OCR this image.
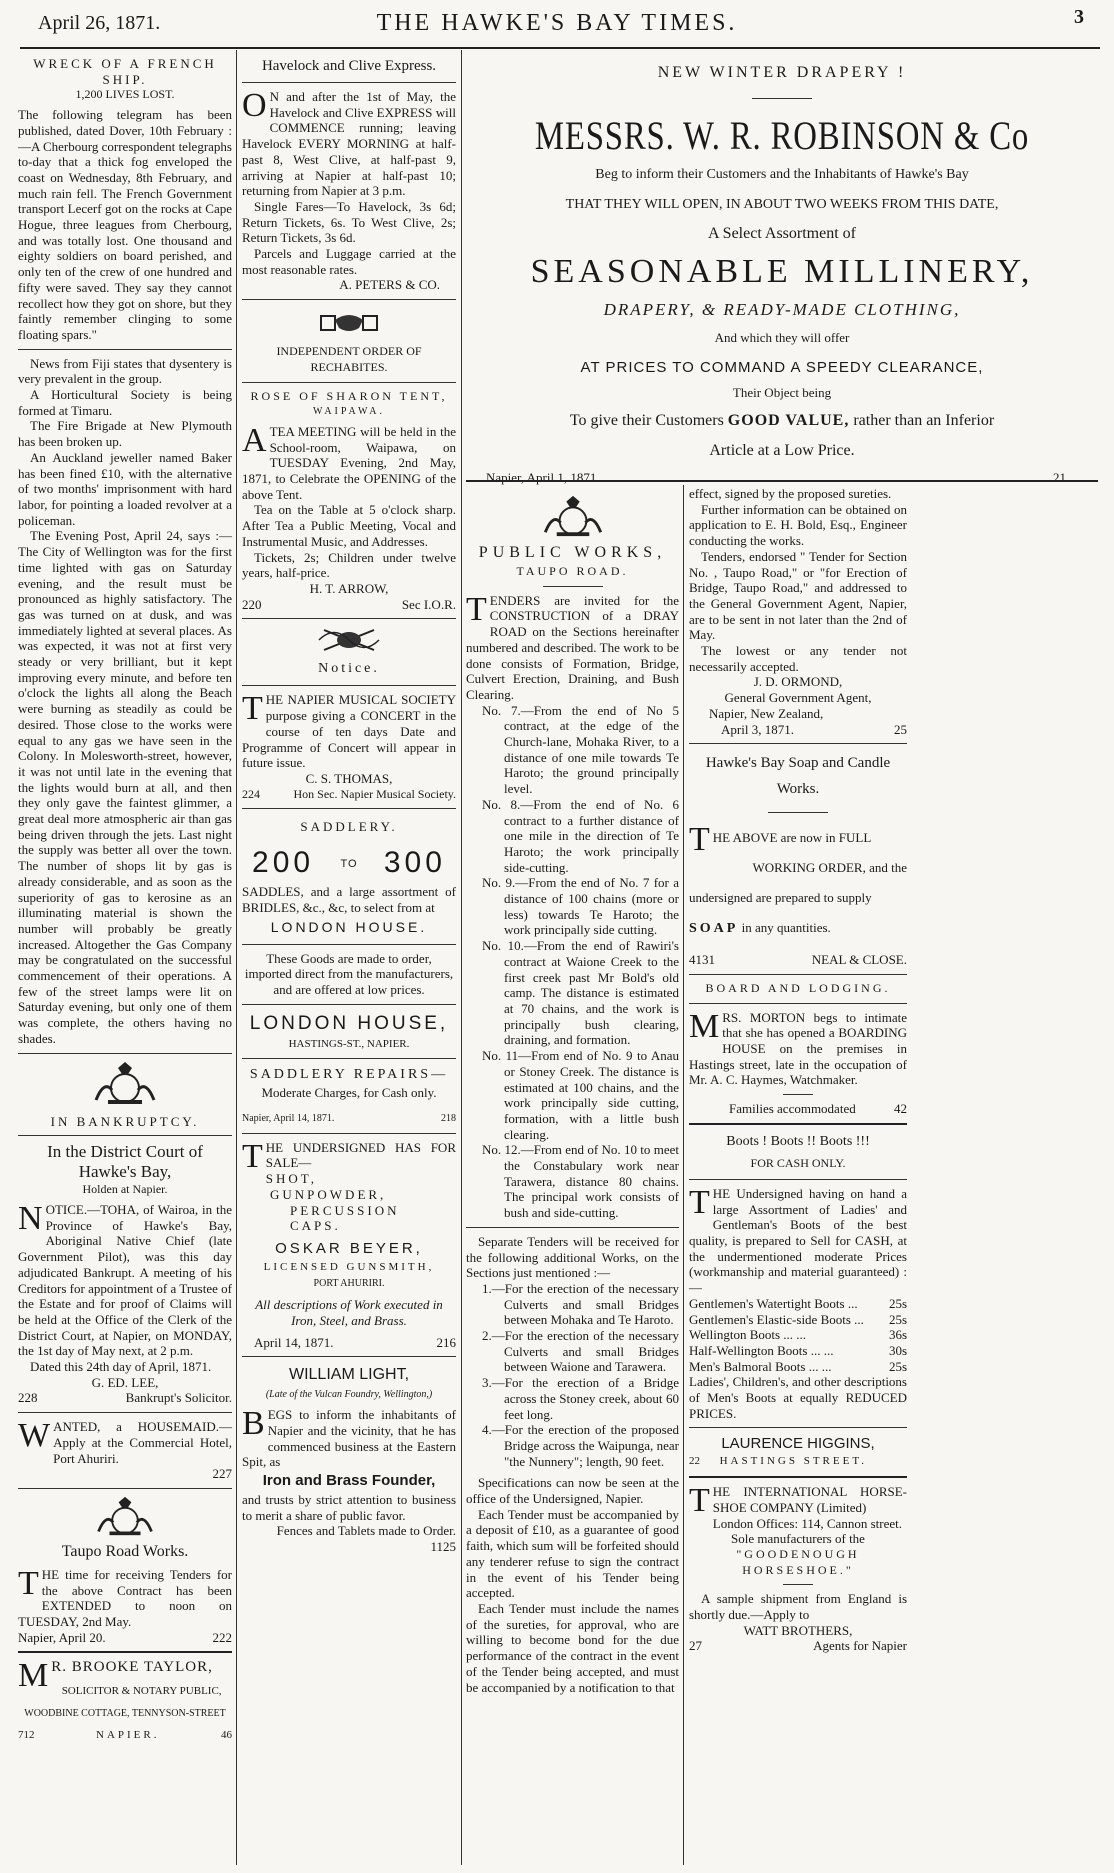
April 26, 1871.	THE HAWKE'S BAY TIMES.	3

WRECK OF A FRENCH SHIP.

1,200 LIVES LOST.

The following telegram has been published, dated Dover, 10th February :—A Cherbourg correspondent telegraphs to-day that a thick fog enveloped the coast on Wednesday, 8th February, and much rain fell. The French Government transport Lecerf got on the rocks at Cape Hogue, three leagues from Cherbourg, and was totally lost. One thousand and eighty soldiers on board perished, and only ten of the crew of one hundred and fifty were saved. They say they cannot recollect how they got on shore, but they faintly remember clinging to some floating spars."

News from Fiji states that dysentery is very prevalent in the group.

A Horticultural Society is being formed at Timaru.

The Fire Brigade at New Plymouth has been broken up.

An Auckland jeweller named Baker has been fined £10, with the alternative of two months' imprisonment with hard labor, for pointing a loaded revolver at a policeman.

The Evening Post, April 24, says :—The City of Wellington was for the first time lighted with gas on Saturday evening, and the result must be pronounced as highly satisfactory. The gas was turned on at dusk, and was immediately lighted at several places. As was expected, it was not at first very steady or very brilliant, but it kept improving every minute, and before ten o'clock the lights all along the Beach were burning as steadily as could be desired. Those close to the works were equal to any gas we have seen in the Colony. In Molesworth-street, however, it was not until late in the evening that the lights would burn at all, and then they only gave the faintest glimmer, a great deal more atmospheric air than gas being driven through the jets. Last night the supply was better all over the town. The number of shops lit by gas is already considerable, and as soon as the superiority of gas to kerosine as an illuminating material is shown the number will probably be greatly increased. Altogether the Gas Company may be congratulated on the successful commencement of their operations. A few of the street lamps were lit on Saturday evening, but only one of them was complete, the others having no shades.

IN BANKRUPTCY.

In the District Court of Hawke's Bay,

Holden at Napier.

NOTICE.—TOHA, of Wairoa, in the Province of Hawke's Bay, Aboriginal Native Chief (late Government Pilot), was this day adjudicated Bankrupt. A meeting of his Creditors for appointment of a Trustee of the Estate and for proof of Claims will be held at the Office of the Clerk of the District Court, at Napier, on MONDAY, the 1st day of May next, at 2 p.m.

Dated this 24th day of April, 1871.

G. ED. LEE,

228	Bankrupt's Solicitor.

WANTED, a HOUSEMAID.— Apply at the Commercial Hotel, Port Ahuriri.

227

Taupo Road Works.

THE time for receiving Tenders for the above Contract has been EXTENDED to noon on TUESDAY, 2nd May.

Napier, April 20.	222

M R. BROOKE TAYLOR,

SOLICITOR & NOTARY PUBLIC,

WOODBINE COTTAGE, TENNYSON-STREET

712	NAPIER.	46

Havelock and Clive Express.

O N and after the 1st of May, the Havelock and Clive EXPRESS will COMMENCE running; leaving Havelock EVERY MORNING at half-past 8, West Clive, at half-past 9, arriving at Napier at half-past 10; returning from Napier at 3 p.m.

Single Fares—To Havelock, 3s 6d; Return Tickets, 6s. To West Clive, 2s; Return Tickets, 3s 6d.

Parcels and Luggage carried at the most reasonable rates.

A. PETERS & CO.

INDEPENDENT ORDER OF RECHABITES.

ROSE OF SHARON TENT,

WAIPAWA.

ATEA MEETING will be held in the School-room, Waipawa, on TUESDAY Evening, 2nd May, 1871, to Celebrate the OPENING of the above Tent.

Tea on the Table at 5 o'clock sharp. After Tea a Public Meeting, Vocal and Instrumental Music, and Addresses.

Tickets, 2s; Children under twelve years, half-price.

H. T. ARROW,

220	Sec I.O.R.

Notice.

THE NAPIER MUSICAL SOCIETY purpose giving a CONCERT in the course of ten days Date and Programme of Concert will appear in future issue.

C. S. THOMAS,

224	Hon Sec. Napier Musical Society.

SADDLERY.

200 TO 300

SADDLES, and a large assortment of BRIDLES, &c., &c, to select from at

LONDON HOUSE.

These Goods are made to order, imported direct from the manufacturers, and are offered at low prices.

LONDON HOUSE,

HASTINGS-ST., NAPIER.

SADDLERY REPAIRS—

Moderate Charges, for Cash only.

Napier, April 14, 1871.	218

THE UNDERSIGNED HAS FOR SALE—

SHOT,

GUNPOWDER,

PERCUSSION CAPS.

OSKAR BEYER,

LICENSED GUNSMITH,

PORT AHURIRI.

All descriptions of Work executed in Iron, Steel, and Brass.

April 14, 1871.	216

WILLIAM LIGHT,

(Late of the Vulcan Foundry, Wellington,)

BEGS to inform the inhabitants of Napier and the vicinity, that he has commenced business at the Eastern Spit, as

Iron and Brass Founder,

and trusts by strict attention to business to merit a share of public favor.

Fences and Tablets made to Order.

1125

NEW WINTER DRAPERY !

MESSRS. W. R. ROBINSON & Co

Beg to inform their Customers and the Inhabitants of Hawke's Bay

THAT THEY WILL OPEN, IN ABOUT TWO WEEKS FROM THIS DATE,

A Select Assortment of

SEASONABLE MILLINERY,

DRAPERY, & READY-MADE CLOTHING,

And which they will offer

AT PRICES TO COMMAND A SPEEDY CLEARANCE,

Their Object being

To give their Customers GOOD VALUE, rather than an Inferior

Article at a Low Price.

Napier, April 1, 1871.	21

PUBLIC WORKS,

TAUPO ROAD.

TENDERS are invited for the CONSTRUCTION of a DRAY ROAD on the Sections hereinafter numbered and described. The work to be done consists of Formation, Bridge, Culvert Erection, Draining, and Bush Clearing.

No. 7.—From the end of No 5 contract, at the edge of the Church-lane, Mohaka River, to a distance of one mile towards Te Haroto; the ground principally level.

No. 8.—From the end of No. 6 contract to a further distance of one mile in the direction of Te Haroto; the work principally side-cutting.

No. 9.—From the end of No. 7 for a distance of 100 chains (more or less) towards Te Haroto; the work principally side cutting.

No. 10.—From the end of Rawiri's contract at Waione Creek to the first creek past Mr Bold's old camp. The distance is estimated at 70 chains, and the work is principally bush clearing, draining, and formation.

No. 11—From end of No. 9 to Anau or Stoney Creek. The distance is estimated at 100 chains, and the work principally side cutting, formation, with a little bush clearing.

No. 12.—From end of No. 10 to meet the Constabulary work near Tarawera, distance 80 chains. The principal work consists of bush and side-cutting.

Separate Tenders will be received for the following additional Works, on the Sections just mentioned :—

1.—For the erection of the necessary Culverts and small Bridges between Mohaka and Te Haroto.

2.—For the erection of the necessary Culverts and small Bridges between Waione and Tarawera.

3.—For the erection of a Bridge across the Stoney creek, about 60 feet long.

4.—For the erection of the proposed Bridge across the Waipunga, near "the Nunnery"; length, 90 feet.

Specifications can now be seen at the office of the Undersigned, Napier.

Each Tender must be accompanied by a deposit of £10, as a guarantee of good faith, which sum will be forfeited should any tenderer refuse to sign the contract in the event of his Tender being accepted.

Each Tender must include the names of the sureties, for approval, who are willing to become bond for the due performance of the contract in the event of the Tender being accepted, and must be accompanied by a notification to that

effect, signed by the proposed sureties.

Further information can be obtained on application to E. H. Bold, Esq., Engineer conducting the works.

Tenders, endorsed " Tender for Section No. , Taupo Road," or "for Erection of Bridge, Taupo Road," and addressed to the General Government Agent, Napier, are to be sent in not later than the 2nd of May.

The lowest or any tender not necessarily accepted.

J. D. ORMOND,

General Government Agent,

Napier, New Zealand,

April 3, 1871.	25

Hawke's Bay Soap and Candle Works.

THE ABOVE are now in FULL

WORKING ORDER, and the

undersigned are prepared to supply

SOAP in any quantities.

4131	NEAL & CLOSE.

BOARD AND LODGING.

MRS. MORTON begs to intimate that she has opened a BOARDING HOUSE on the premises in Hastings street, late in the occupation of Mr. A. C. Haymes, Watchmaker.

Families accommodated	42

Boots ! Boots !! Boots !!!

FOR CASH ONLY.

THE Undersigned having on hand a large Assortment of Ladies' and Gentleman's Boots of the best quality, is prepared to Sell for CASH, at the undermentioned moderate Prices (workmanship and material guaranteed) :—

Gentlemen's Watertight Boots ... 25s
Gentlemen's Elastic-side Boots ... 25s
Wellington Boots ... ...	36s
Half-Wellington Boots ... ...	30s
Men's Balmoral Boots ... ...	25s

Ladies', Children's, and other descriptions of Men's Boots at equally REDUCED PRICES.

LAURENCE HIGGINS,

22 HASTINGS STREET.

THE INTERNATIONAL HORSE-SHOE COMPANY (Limited)

London Offices: 114, Cannon street.

Sole manufacturers of the

"GOODENOUGH HORSESHOE."

A sample shipment from England is shortly due.—Apply to

WATT BROTHERS,

27	Agents for Napier
